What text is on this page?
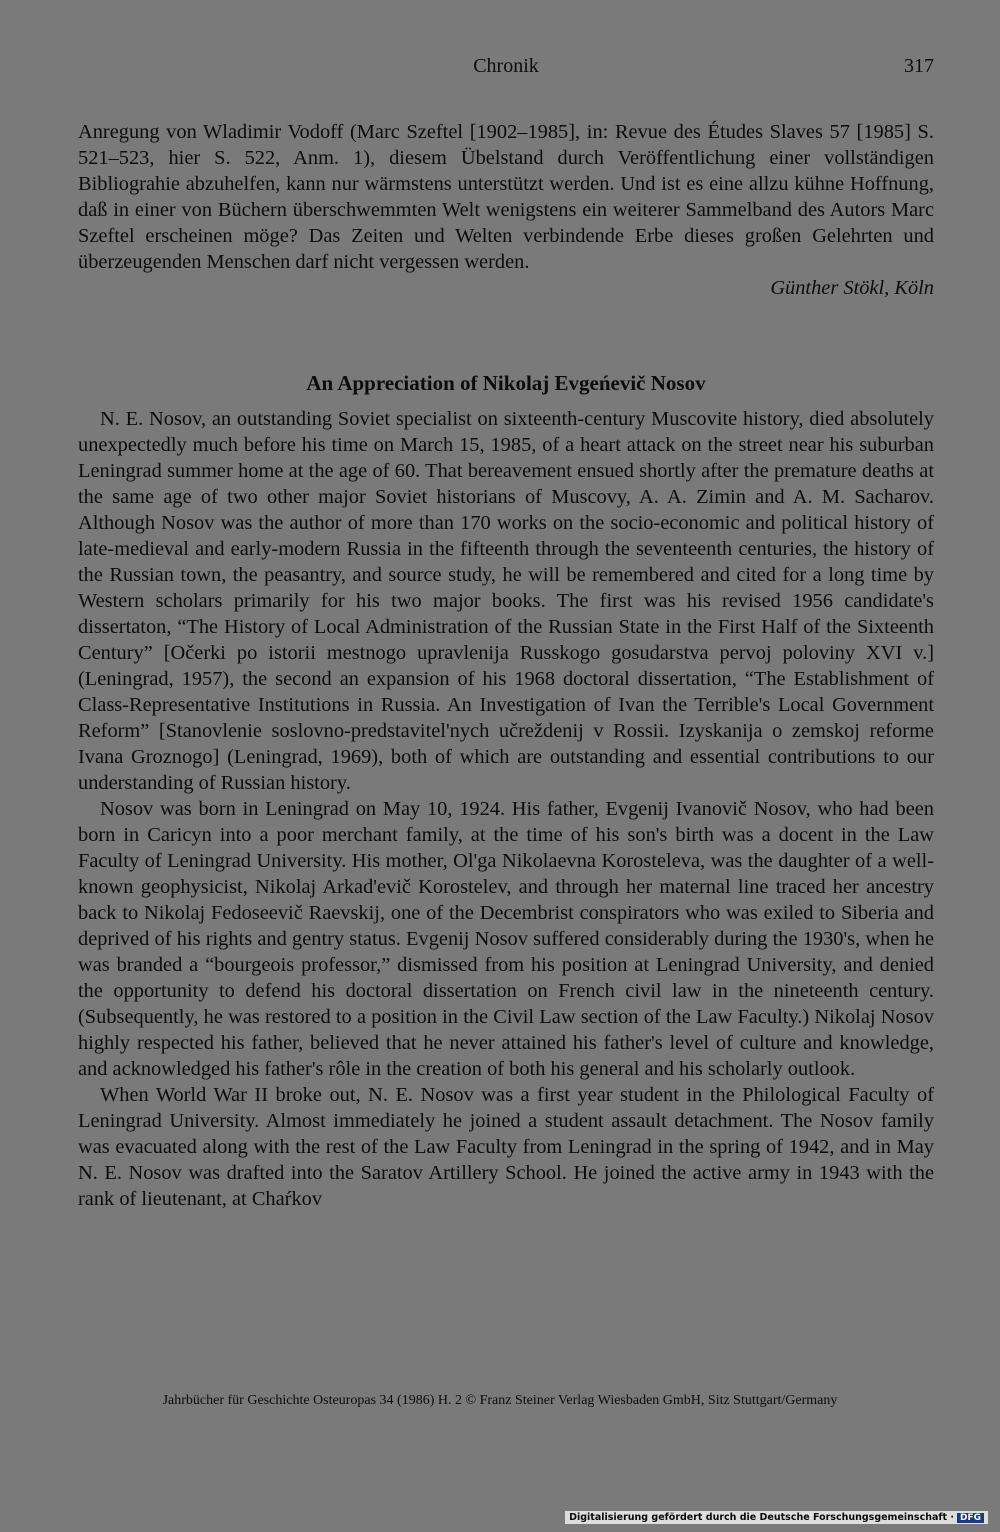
Chronik	317

Anregung von Wladimir Vodoff (Marc Szeftel [1902–1985], in: Revue des Études Slaves 57 [1985] S. 521–523, hier S. 522, Anm. 1), diesem Übelstand durch Veröffentlichung einer vollständigen Bibliograhie abzuhelfen, kann nur wärmstens unterstützt werden. Und ist es eine allzu kühne Hoffnung, daß in einer von Büchern überschwemmten Welt wenigstens ein weiterer Sammelband des Autors Marc Szeftel erscheinen möge? Das Zeiten und Welten verbindende Erbe dieses großen Gelehrten und überzeugenden Menschen darf nicht vergessen werden.

Günther Stökl, Köln

An Appreciation of Nikolaj Evgeńevič Nosov

N. E. Nosov, an outstanding Soviet specialist on sixteenth-century Muscovite history, died absolutely unexpectedly much before his time on March 15, 1985, of a heart attack on the street near his suburban Leningrad summer home at the age of 60. That bereavement ensued shortly after the premature deaths at the same age of two other major Soviet historians of Muscovy, A. A. Zimin and A. M. Sacharov. Although Nosov was the author of more than 170 works on the socio-economic and political history of late-medieval and early-modern Russia in the fifteenth through the seventeenth centuries, the history of the Russian town, the peasantry, and source study, he will be remembered and cited for a long time by Western scholars primarily for his two major books. The first was his revised 1956 candidate's dissertaton, “The History of Local Administration of the Russian State in the First Half of the Sixteenth Century” [Očerki po istorii mestnogo upravlenija Russkogo gosudarstva pervoj poloviny XVI v.] (Leningrad, 1957), the second an expansion of his 1968 doctoral dissertation, “The Establishment of Class-Representative Institutions in Russia. An Investigation of Ivan the Terrible's Local Government Reform” [Stanovlenie soslovno-predstavitel'nych učreždenij v Rossii. Izyskanija o zemskoj reforme Ivana Groznogo] (Leningrad, 1969), both of which are outstanding and essential contributions to our understanding of Russian history.

Nosov was born in Leningrad on May 10, 1924. His father, Evgenij Ivanovič Nosov, who had been born in Caricyn into a poor merchant family, at the time of his son's birth was a docent in the Law Faculty of Leningrad University. His mother, Ol'ga Nikolaevna Korosteleva, was the daughter of a well-known geophysicist, Nikolaj Arkad'evič Korostelev, and through her maternal line traced her ancestry back to Nikolaj Fedoseevič Raevskij, one of the Decembrist conspirators who was exiled to Siberia and deprived of his rights and gentry status. Evgenij Nosov suffered considerably during the 1930's, when he was branded a “bourgeois professor,” dismissed from his position at Leningrad University, and denied the opportunity to defend his doctoral dissertation on French civil law in the nineteenth century. (Subsequently, he was restored to a position in the Civil Law section of the Law Faculty.) Nikolaj Nosov highly respected his father, believed that he never attained his father's level of culture and knowledge, and acknowledged his father's rôle in the creation of both his general and his scholarly outlook.

When World War II broke out, N. E. Nosov was a first year student in the Philological Faculty of Leningrad University. Almost immediately he joined a student assault detachment. The Nosov family was evacuated along with the rest of the Law Faculty from Leningrad in the spring of 1942, and in May N. E. Nosov was drafted into the Saratov Artillery School. He joined the active army in 1943 with the rank of lieutenant, at Chaŕkov

Jahrbücher für Geschichte Osteuropas 34 (1986) H. 2 © Franz Steiner Verlag Wiesbaden GmbH, Sitz Stuttgart/Germany
Digitalisierung gefördert durch die Deutsche Forschungsgemeinschaft · DFG
